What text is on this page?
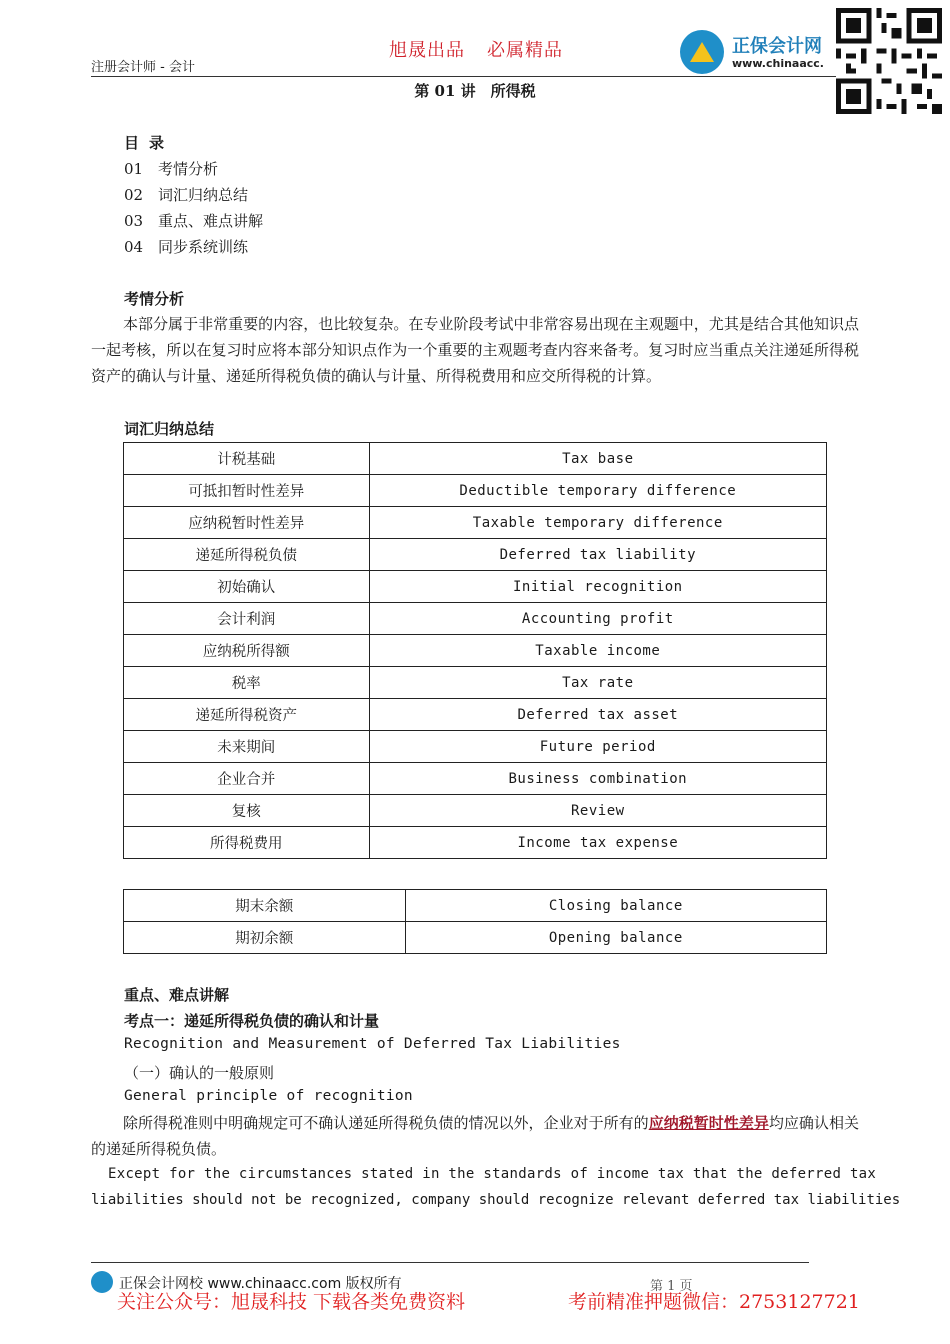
注册会计师 - 会计
旭晟出品 必属精品	正保会计网
www.chinaacc.
第 01 讲　所得税
目录
01 考情分析
02 词汇归纳总结
03 重点、难点讲解
04 同步系统训练
考情分析
本部分属于非常重要的内容，也比较复杂。在专业阶段考试中非常容易出现在主观题中，尤其是结合其他知识点一起考核，所以在复习时应将本部分知识点作为一个重要的主观题考查内容来备考。复习时应当重点关注递延所得税资产的确认与计量、递延所得税负债的确认与计量、所得税费用和应交所得税的计算。
词汇归纳总结
计税基础	Tax base
可抵扣暂时性差异	Deductible temporary difference
应纳税暂时性差异	Taxable temporary difference
递延所得税负债	Deferred tax liability
初始确认	Initial recognition
会计利润	Accounting profit
应纳税所得额	Taxable income
税率	Tax rate
递延所得税资产	Deferred tax asset
未来期间	Future period
企业合并	Business combination
复核	Review
所得税费用	Income tax expense
期末余额	Closing balance
期初余额	Opening balance
重点、难点讲解
考点一：递延所得税负债的确认和计量
Recognition and Measurement of Deferred Tax Liabilities
（一）确认的一般原则
General principle of recognition
除所得税准则中明确规定可不确认递延所得税负债的情况以外，企业对于所有的应纳税暂时性差异均应确认相关的递延所得税负债。
Except for the circumstances stated in the standards of income tax that the deferred tax
liabilities should not be recognized, company should recognize relevant deferred tax liabilities
正保会计网校 www.chinaacc.com 版权所有	第 1 页
关注公众号：旭晟科技 下载各类免费资料	考前精准押题微信：2753127721
